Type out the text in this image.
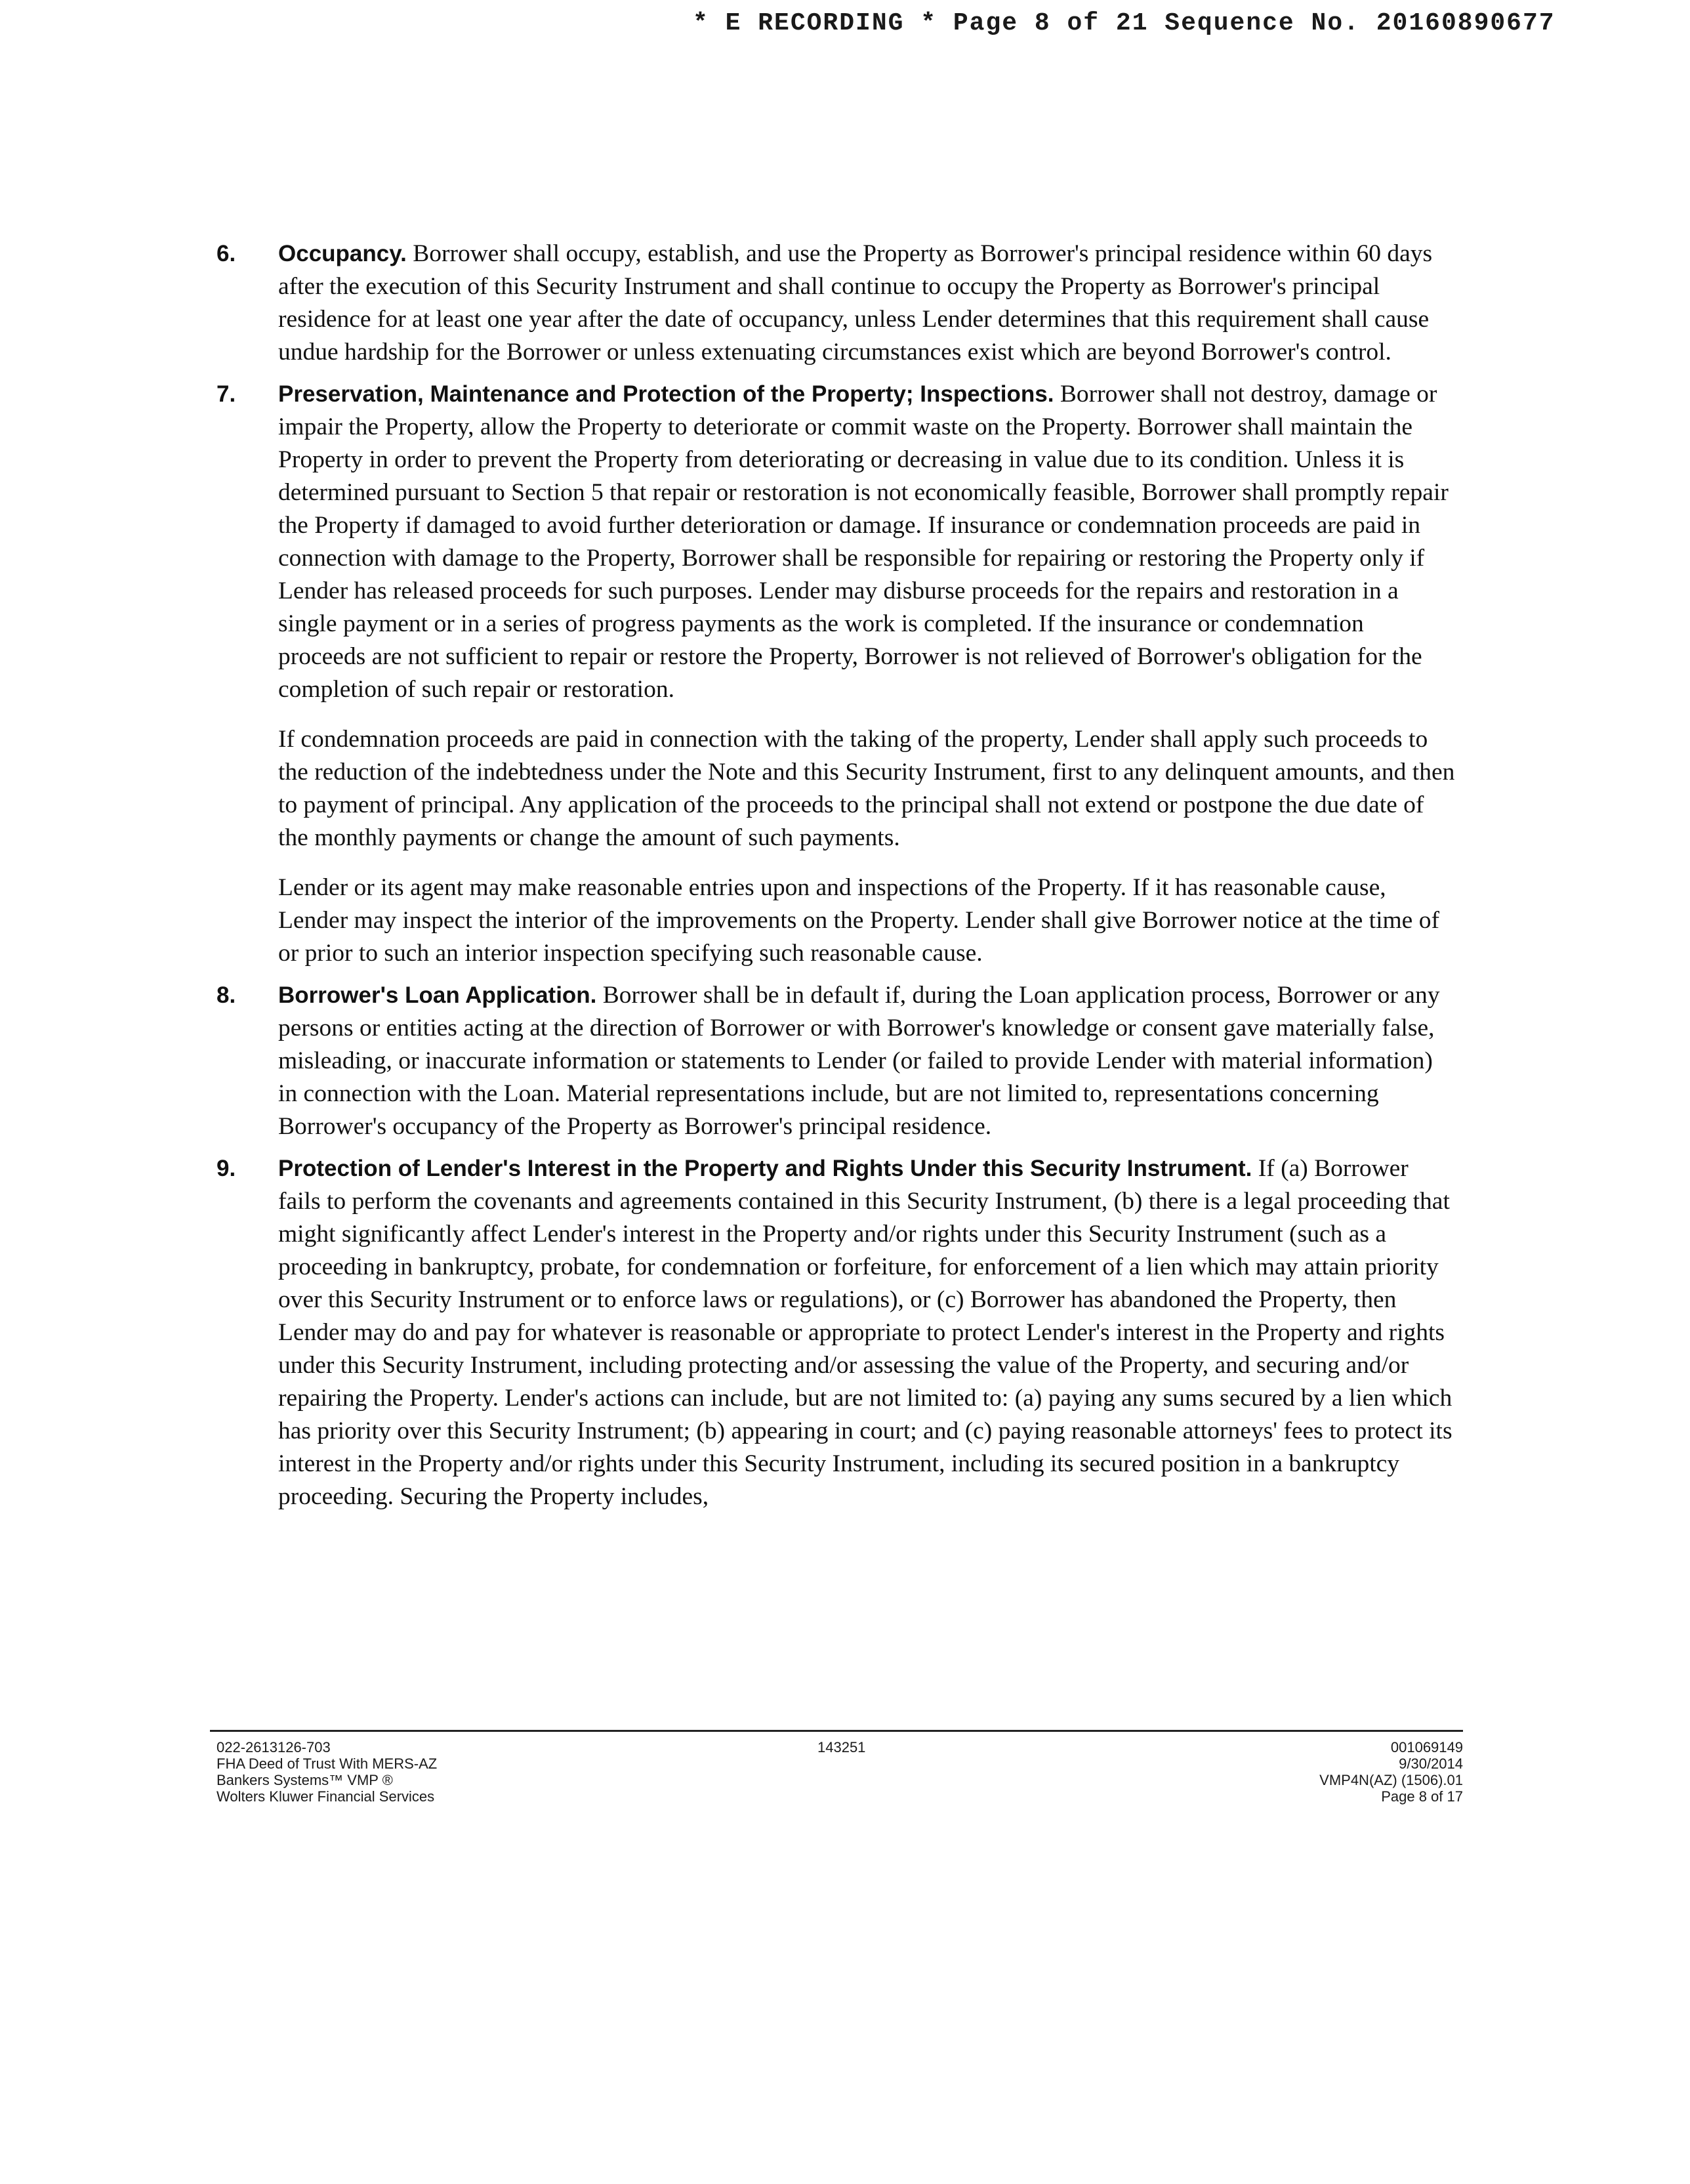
* E RECORDING * Page 8 of 21 Sequence No. 20160890677
6. Occupancy. Borrower shall occupy, establish, and use the Property as Borrower's principal residence within 60 days after the execution of this Security Instrument and shall continue to occupy the Property as Borrower's principal residence for at least one year after the date of occupancy, unless Lender determines that this requirement shall cause undue hardship for the Borrower or unless extenuating circumstances exist which are beyond Borrower's control.

7. Preservation, Maintenance and Protection of the Property; Inspections. Borrower shall not destroy, damage or impair the Property, allow the Property to deteriorate or commit waste on the Property. Borrower shall maintain the Property in order to prevent the Property from deteriorating or decreasing in value due to its condition. Unless it is determined pursuant to Section 5 that repair or restoration is not economically feasible, Borrower shall promptly repair the Property if damaged to avoid further deterioration or damage. If insurance or condemnation proceeds are paid in connection with damage to the Property, Borrower shall be responsible for repairing or restoring the Property only if Lender has released proceeds for such purposes. Lender may disburse proceeds for the repairs and restoration in a single payment or in a series of progress payments as the work is completed. If the insurance or condemnation proceeds are not sufficient to repair or restore the Property, Borrower is not relieved of Borrower's obligation for the completion of such repair or restoration.

If condemnation proceeds are paid in connection with the taking of the property, Lender shall apply such proceeds to the reduction of the indebtedness under the Note and this Security Instrument, first to any delinquent amounts, and then to payment of principal. Any application of the proceeds to the principal shall not extend or postpone the due date of the monthly payments or change the amount of such payments.

Lender or its agent may make reasonable entries upon and inspections of the Property. If it has reasonable cause, Lender may inspect the interior of the improvements on the Property. Lender shall give Borrower notice at the time of or prior to such an interior inspection specifying such reasonable cause.

8. Borrower's Loan Application. Borrower shall be in default if, during the Loan application process, Borrower or any persons or entities acting at the direction of Borrower or with Borrower's knowledge or consent gave materially false, misleading, or inaccurate information or statements to Lender (or failed to provide Lender with material information) in connection with the Loan. Material representations include, but are not limited to, representations concerning Borrower's occupancy of the Property as Borrower's principal residence.

9. Protection of Lender's Interest in the Property and Rights Under this Security Instrument. If (a) Borrower fails to perform the covenants and agreements contained in this Security Instrument, (b) there is a legal proceeding that might significantly affect Lender's interest in the Property and/or rights under this Security Instrument (such as a proceeding in bankruptcy, probate, for condemnation or forfeiture, for enforcement of a lien which may attain priority over this Security Instrument or to enforce laws or regulations), or (c) Borrower has abandoned the Property, then Lender may do and pay for whatever is reasonable or appropriate to protect Lender's interest in the Property and rights under this Security Instrument, including protecting and/or assessing the value of the Property, and securing and/or repairing the Property. Lender's actions can include, but are not limited to: (a) paying any sums secured by a lien which has priority over this Security Instrument; (b) appearing in court; and (c) paying reasonable attorneys' fees to protect its interest in the Property and/or rights under this Security Instrument, including its secured position in a bankruptcy proceeding. Securing the Property includes,

022-2613126-703
FHA Deed of Trust With MERS-AZ
Bankers Systems™ VMP ®
Wolters Kluwer Financial Services
143251	001069149
9/30/2014
VMP4N(AZ) (1506).01
Page 8 of 17
